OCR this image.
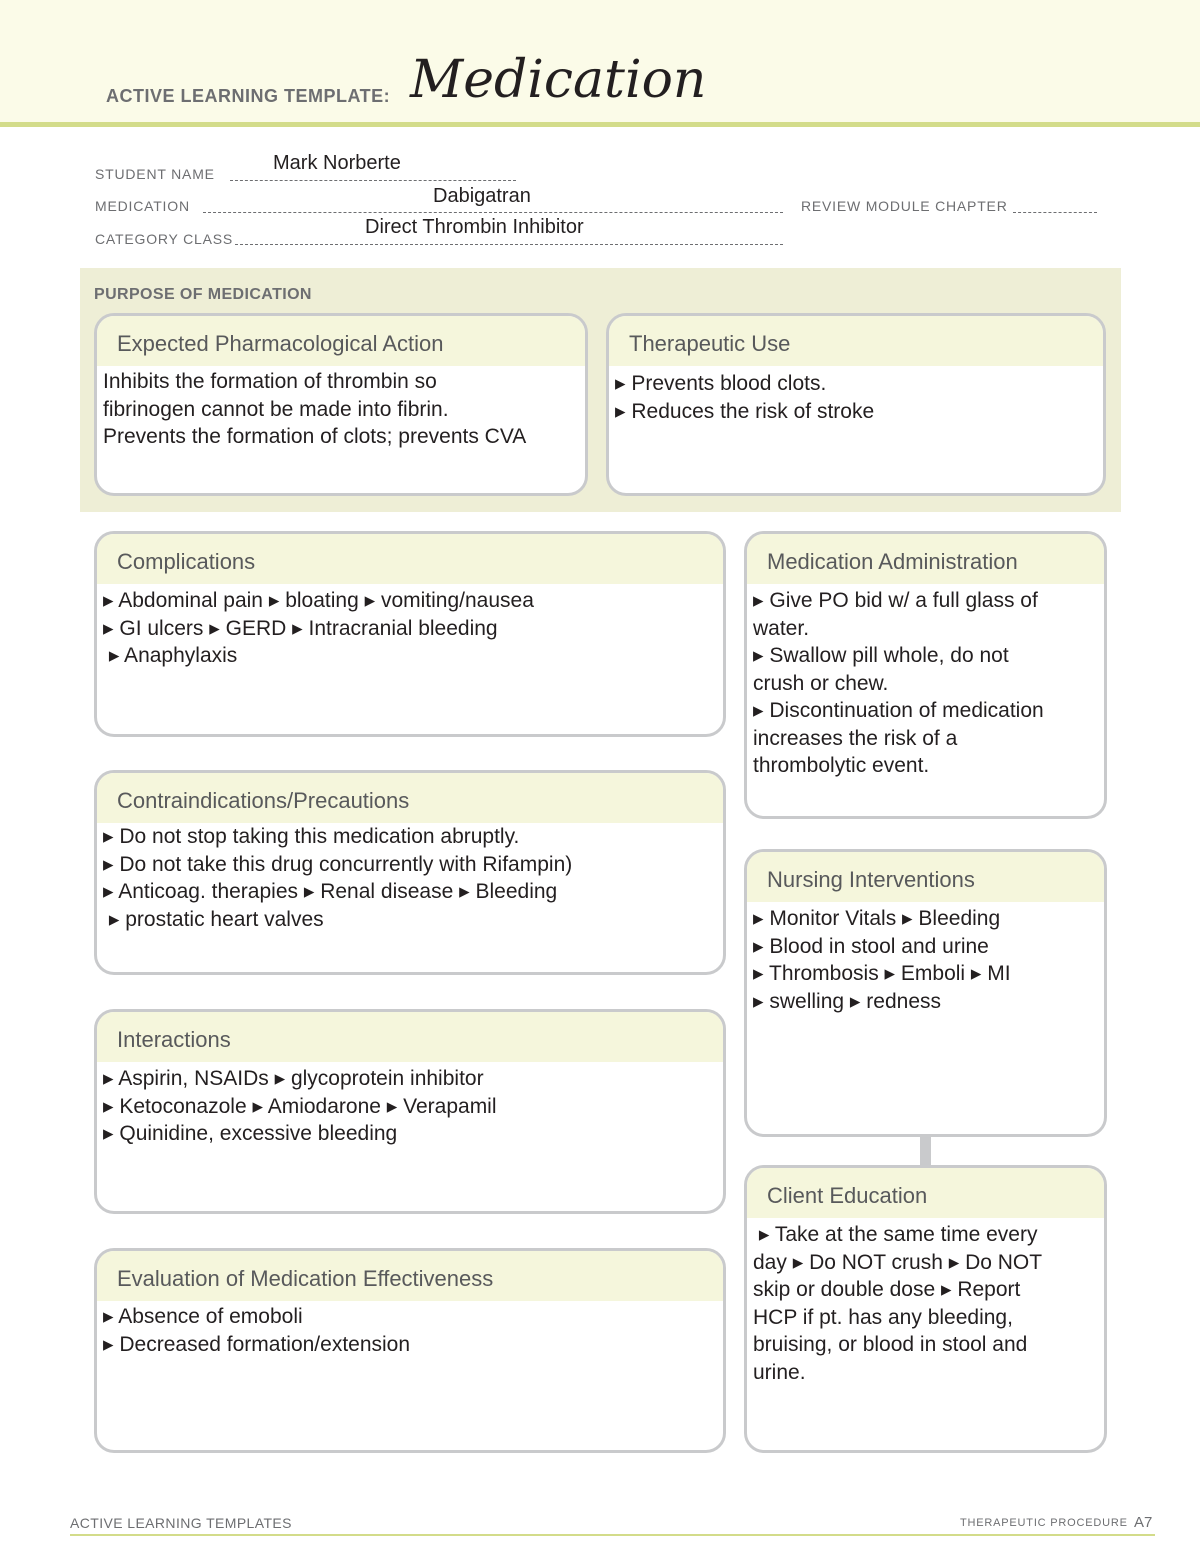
ACTIVE LEARNING TEMPLATE: Medication
STUDENT NAME	Mark Norberte
MEDICATION	Dabigatran	REVIEW MODULE CHAPTER
CATEGORY CLASS
Direct Thrombin Inhibitor
PURPOSE OF MEDICATION
Expected Pharmacological Action
Inhibits the formation of thrombin so
fibrinogen cannot be made into fibrin.
Prevents the formation of clots; prevents CVA
Therapeutic Use
▸ Prevents blood clots.
▸ Reduces the risk of stroke
Complications
▸ Abdominal pain ▸ bloating ▸ vomiting/nausea
▸ GI ulcers ▸ GERD ▸ Intracranial bleeding
▸ Anaphylaxis
Contraindications/Precautions
▸ Do not stop taking this medication abruptly.
▸ Do not take this drug concurrently with Rifampin)
▸ Anticoag. therapies ▸ Renal disease ▸ Bleeding
▸ prostatic heart valves
Interactions
▸ Aspirin, NSAIDs ▸ glycoprotein inhibitor
▸ Ketoconazole ▸ Amiodarone ▸ Verapamil
▸ Quinidine, excessive bleeding
Evaluation of Medication Effectiveness
▸ Absence of emoboli
▸ Decreased formation/extension
Medication Administration
▸ Give PO bid w/ a full glass of
water.
▸ Swallow pill whole, do not
crush or chew.
▸ Discontinuation of medication
increases the risk of a
thrombolytic event.
Nursing Interventions
▸ Monitor Vitals ▸ Bleeding
▸ Blood in stool and urine
▸ Thrombosis ▸ Emboli ▸ MI
▸ swelling ▸ redness
Client Education
▸ Take at the same time every
day ▸ Do NOT crush ▸ Do NOT
skip or double dose ▸ Report
HCP if pt. has any bleeding,
bruising, or blood in stool and
urine.
ACTIVE LEARNING TEMPLATES	THERAPEUTIC PROCEDURE A7
